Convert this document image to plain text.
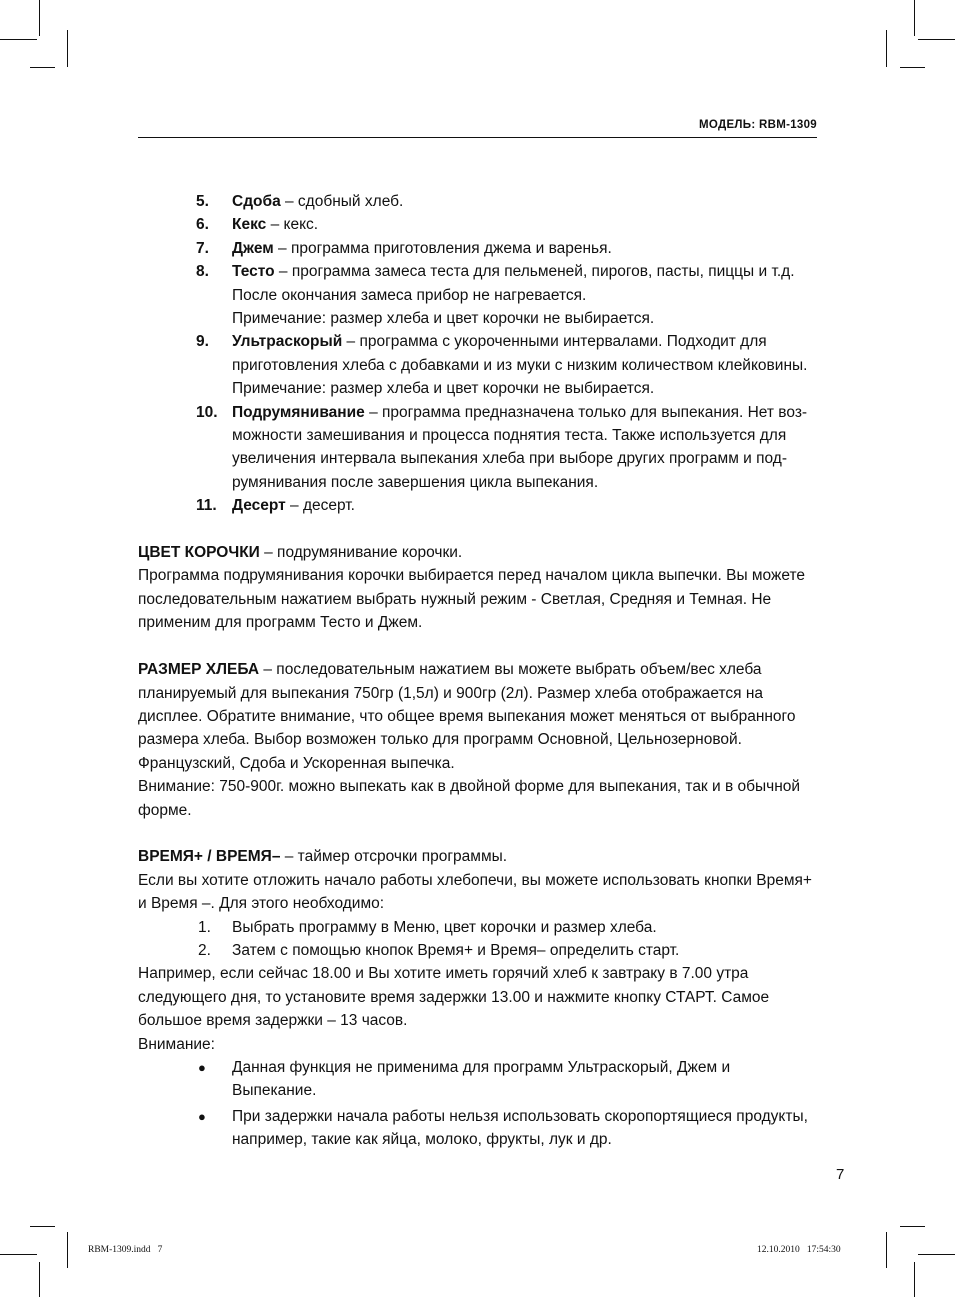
МОДЕЛЬ: RBM-1309
5.	Сдоба – сдобный хлеб.
6.	Кекс – кекс.
7.	Джем – программа приготовления джема и варенья.
8.	Тесто – программа замеса теста для пельменей, пирогов, пасты, пиццы и т.д.
После окончания замеса прибор не нагревается.
Примечание: размер хлеба и цвет корочки не выбирается.
9.	Ультраскорый – программа с укороченными интервалами. Подходит для
приготовления хлеба с добавками и из муки с низким количеством клейковины.
Примечание: размер хлеба и цвет корочки не выбирается.
10. Подрумянивание – программа предназначена только для выпекания. Нет воз-
можности замешивания и процесса поднятия теста. Также используется для
увеличения интервала выпекания хлеба при выборе других программ и под-
румянивания после завершения цикла выпекания.
11. Десерт – десерт.
ЦВЕТ КОРОЧКИ – подрумянивание корочки.
Программа подрумянивания корочки выбирается перед началом цикла выпечки. Вы можете
последовательным нажатием выбрать нужный режим - Светлая, Средняя и Темная. Не
применим для программ Тесто и Джем.
РАЗМЕР ХЛЕБА – последовательным нажатием вы можете выбрать объем/вес хлеба
планируемый для выпекания 750гр (1,5л) и 900гр (2л). Размер хлеба отображается на
дисплее. Обратите внимание, что общее время выпекания может меняться от выбранного
размера хлеба. Выбор возможен только для программ Основной, Цельнозерновой.
Французский, Сдоба и Ускоренная выпечка.
Внимание: 750-900г. можно выпекать как в двойной форме для выпекания, так и в обычной
форме.
ВРЕМЯ+ / ВРЕМЯ– – таймер отсрочки программы.
Если вы хотите отложить начало работы хлебопечи, вы можете использовать кнопки Время+
и Время –. Для этого необходимо:
1.	Выбрать программу в Меню, цвет корочки и размер хлеба.
2.	Затем с помощью кнопок Время+ и Время– определить старт.
Например, если сейчас 18.00 и Вы хотите иметь горячий хлеб к завтраку в 7.00 утра
следующего дня, то установите время задержки 13.00 и нажмите кнопку СТАРТ. Самое
большое время задержки – 13 часов.
Внимание:
●	Данная функция не применима для программ Ультраскорый, Джем и
Выпекание.
●	При задержки начала работы нельзя использовать скоропортящиеся продукты,
например, такие как яйца, молоко, фрукты, лук и др.
7
RBM-1309.indd   7	12.10.2010   17:54:30
